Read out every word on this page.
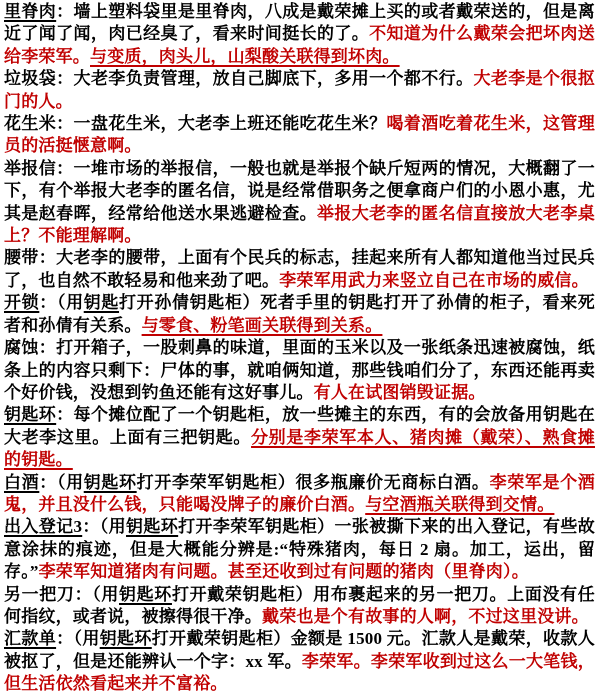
里脊肉：墙上塑料袋里是里脊肉，八成是戴荣摊上买的或者戴荣送的，但是离近了闻了闻，肉已经臭了，看来时间挺长的了。不知道为什么戴荣会把坏肉送给李荣军。与变质，肉头儿，山梨酸关联得到坏肉。

垃圾袋：大老李负责管理，放自己脚底下，多用一个都不行。大老李是个很抠门的人。

花生米：一盘花生米，大老李上班还能吃花生米？喝着酒吃着花生米，这管理员的活挺惬意啊。

举报信：一堆市场的举报信，一般也就是举报个缺斤短两的情况，大概翻了一下，有个举报大老李的匿名信，说是经常借职务之便拿商户们的小恩小惠，尤其是赵春晖，经常给他送水果逃避检查。举报大老李的匿名信直接放大老李桌上？不能理解啊。

腰带：大老李的腰带，上面有个民兵的标志，挂起来所有人都知道他当过民兵了，也自然不敢轻易和他来劲了吧。李荣军用武力来竖立自己在市场的威信。

开锁：（用钥匙打开孙倩钥匙柜）死者手里的钥匙打开了孙倩的柜子，看来死者和孙倩有关系。与零食、粉笔画关联得到关系。

腐蚀：打开箱子，一股刺鼻的味道，里面的玉米以及一张纸条迅速被腐蚀，纸条上的内容只剩下：尸体的事，就咱俩知道，那些钱咱们分了，东西还能再卖个好价钱，没想到钓鱼还能有这好事儿。有人在试图销毁证据。

钥匙环：每个摊位配了一个钥匙柜，放一些摊主的东西，有的会放备用钥匙在大老李这里。上面有三把钥匙。分别是李荣军本人、猪肉摊（戴荣）、熟食摊的钥匙。

白酒：（用钥匙环打开李荣军钥匙柜）很多瓶廉价无商标白酒。李荣军是个酒鬼，并且没什么钱，只能喝没牌子的廉价白酒。与空酒瓶关联得到交情。

出入登记3：（用钥匙环打开李荣军钥匙柜）一张被撕下来的出入登记，有些故意涂抹的痕迹，但是大概能分辨是:“特殊猪肉，每日 2 扇。加工，运出，留存。”李荣军知道猪肉有问题。甚至还收到过有问题的猪肉（里脊肉）。

另一把刀：（用钥匙环打开戴荣钥匙柜）用布裹起来的另一把刀。上面没有任何指纹，或者说，被擦得很干净。戴荣也是个有故事的人啊，不过这里没讲。

汇款单：（用钥匙环打开戴荣钥匙柜）金额是 1500 元。汇款人是戴荣，收款人被抠了，但是还能辨认一个字：xx 军。李荣军。李荣军收到过这么一大笔钱，但生活依然看起来并不富裕。
